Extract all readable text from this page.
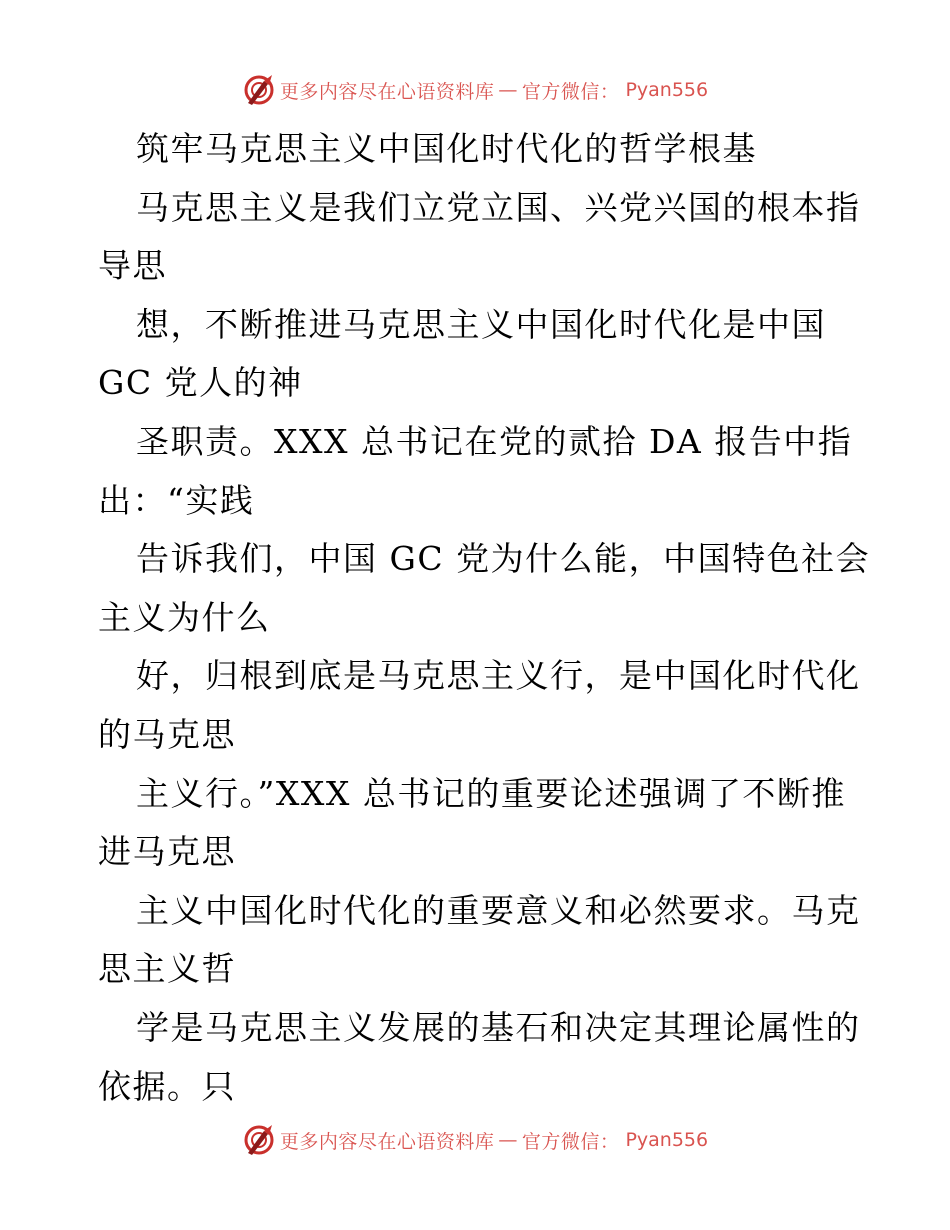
更多内容尽在心语资料库 — 官方微信： Pyan556
筑牢马克思主义中国化时代化的哲学根基
马克思主义是我们立党立国、兴党兴国的根本指
导思
想，不断推进马克思主义中国化时代化是中国
GC 党人的神
圣职责。XXX 总书记在党的贰拾 DA 报告中指
出：“实践
告诉我们，中国 GC 党为什么能，中国特色社会
主义为什么
好，归根到底是马克思主义行，是中国化时代化
的马克思
主义行。”XXX 总书记的重要论述强调了不断推
进马克思
主义中国化时代化的重要意义和必然要求。马克
思主义哲
学是马克思主义发展的基石和决定其理论属性的
依据。只
更多内容尽在心语资料库 — 官方微信： Pyan556
